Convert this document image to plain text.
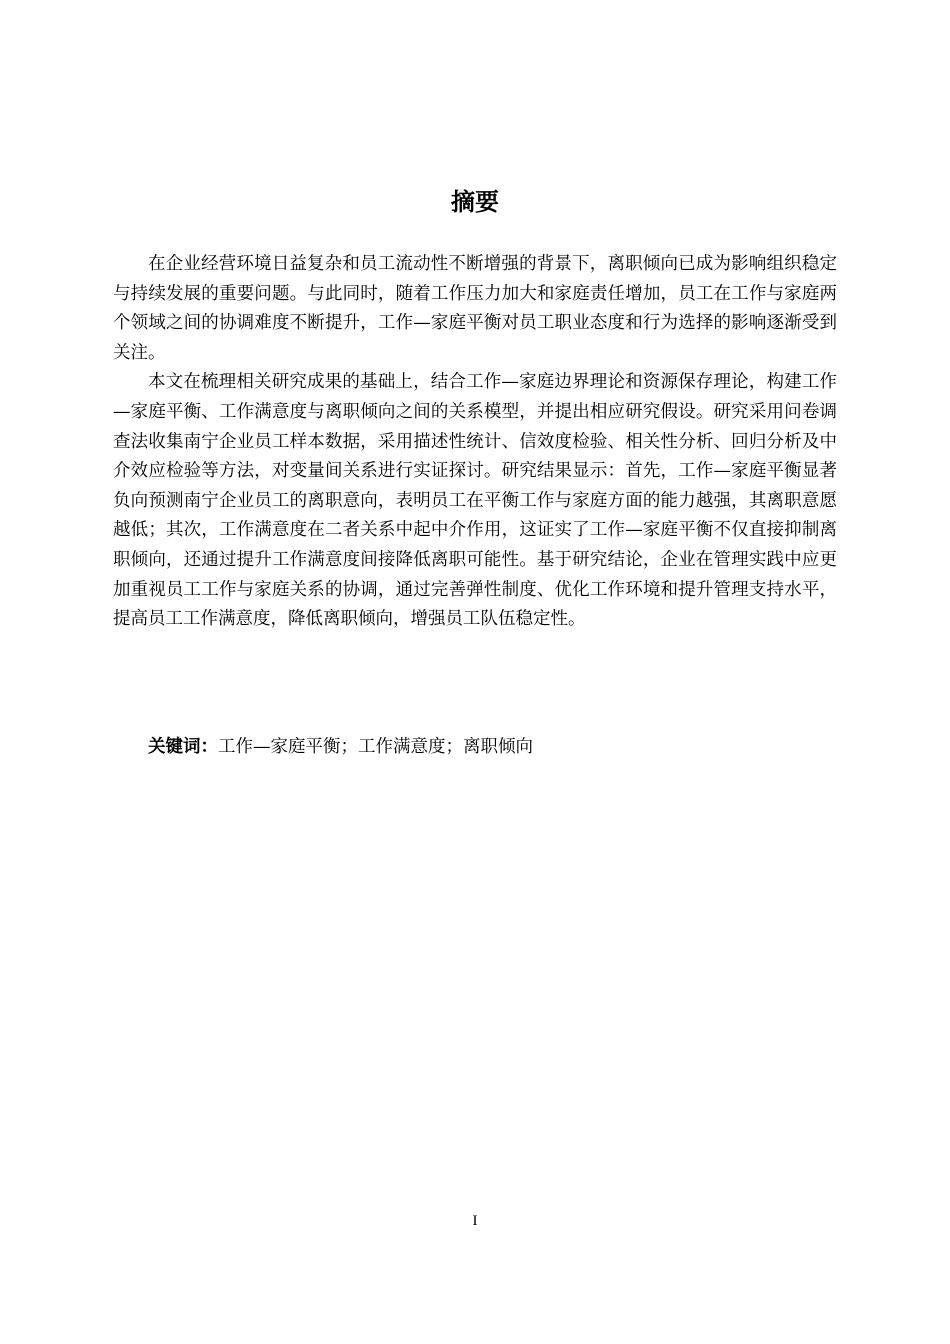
摘要

在企业经营环境日益复杂和员工流动性不断增强的背景下，离职倾向已成为影响组织稳定与持续发展的重要问题。与此同时，随着工作压力加大和家庭责任增加，员工在工作与家庭两个领域之间的协调难度不断提升，工作—家庭平衡对员工职业态度和行为选择的影响逐渐受到关注。

本文在梳理相关研究成果的基础上，结合工作—家庭边界理论和资源保存理论，构建工作—家庭平衡、工作满意度与离职倾向之间的关系模型，并提出相应研究假设。研究采用问卷调查法收集南宁企业员工样本数据，采用描述性统计、信效度检验、相关性分析、回归分析及中介效应检验等方法，对变量间关系进行实证探讨。研究结果显示：首先，工作—家庭平衡显著负向预测南宁企业员工的离职意向，表明员工在平衡工作与家庭方面的能力越强，其离职意愿越低；其次，工作满意度在二者关系中起中介作用，这证实了工作—家庭平衡不仅直接抑制离职倾向，还通过提升工作满意度间接降低离职可能性。基于研究结论，企业在管理实践中应更加重视员工工作与家庭关系的协调，通过完善弹性制度、优化工作环境和提升管理支持水平，提高员工工作满意度，降低离职倾向，增强员工队伍稳定性。

关键词：工作—家庭平衡；工作满意度；离职倾向

I
